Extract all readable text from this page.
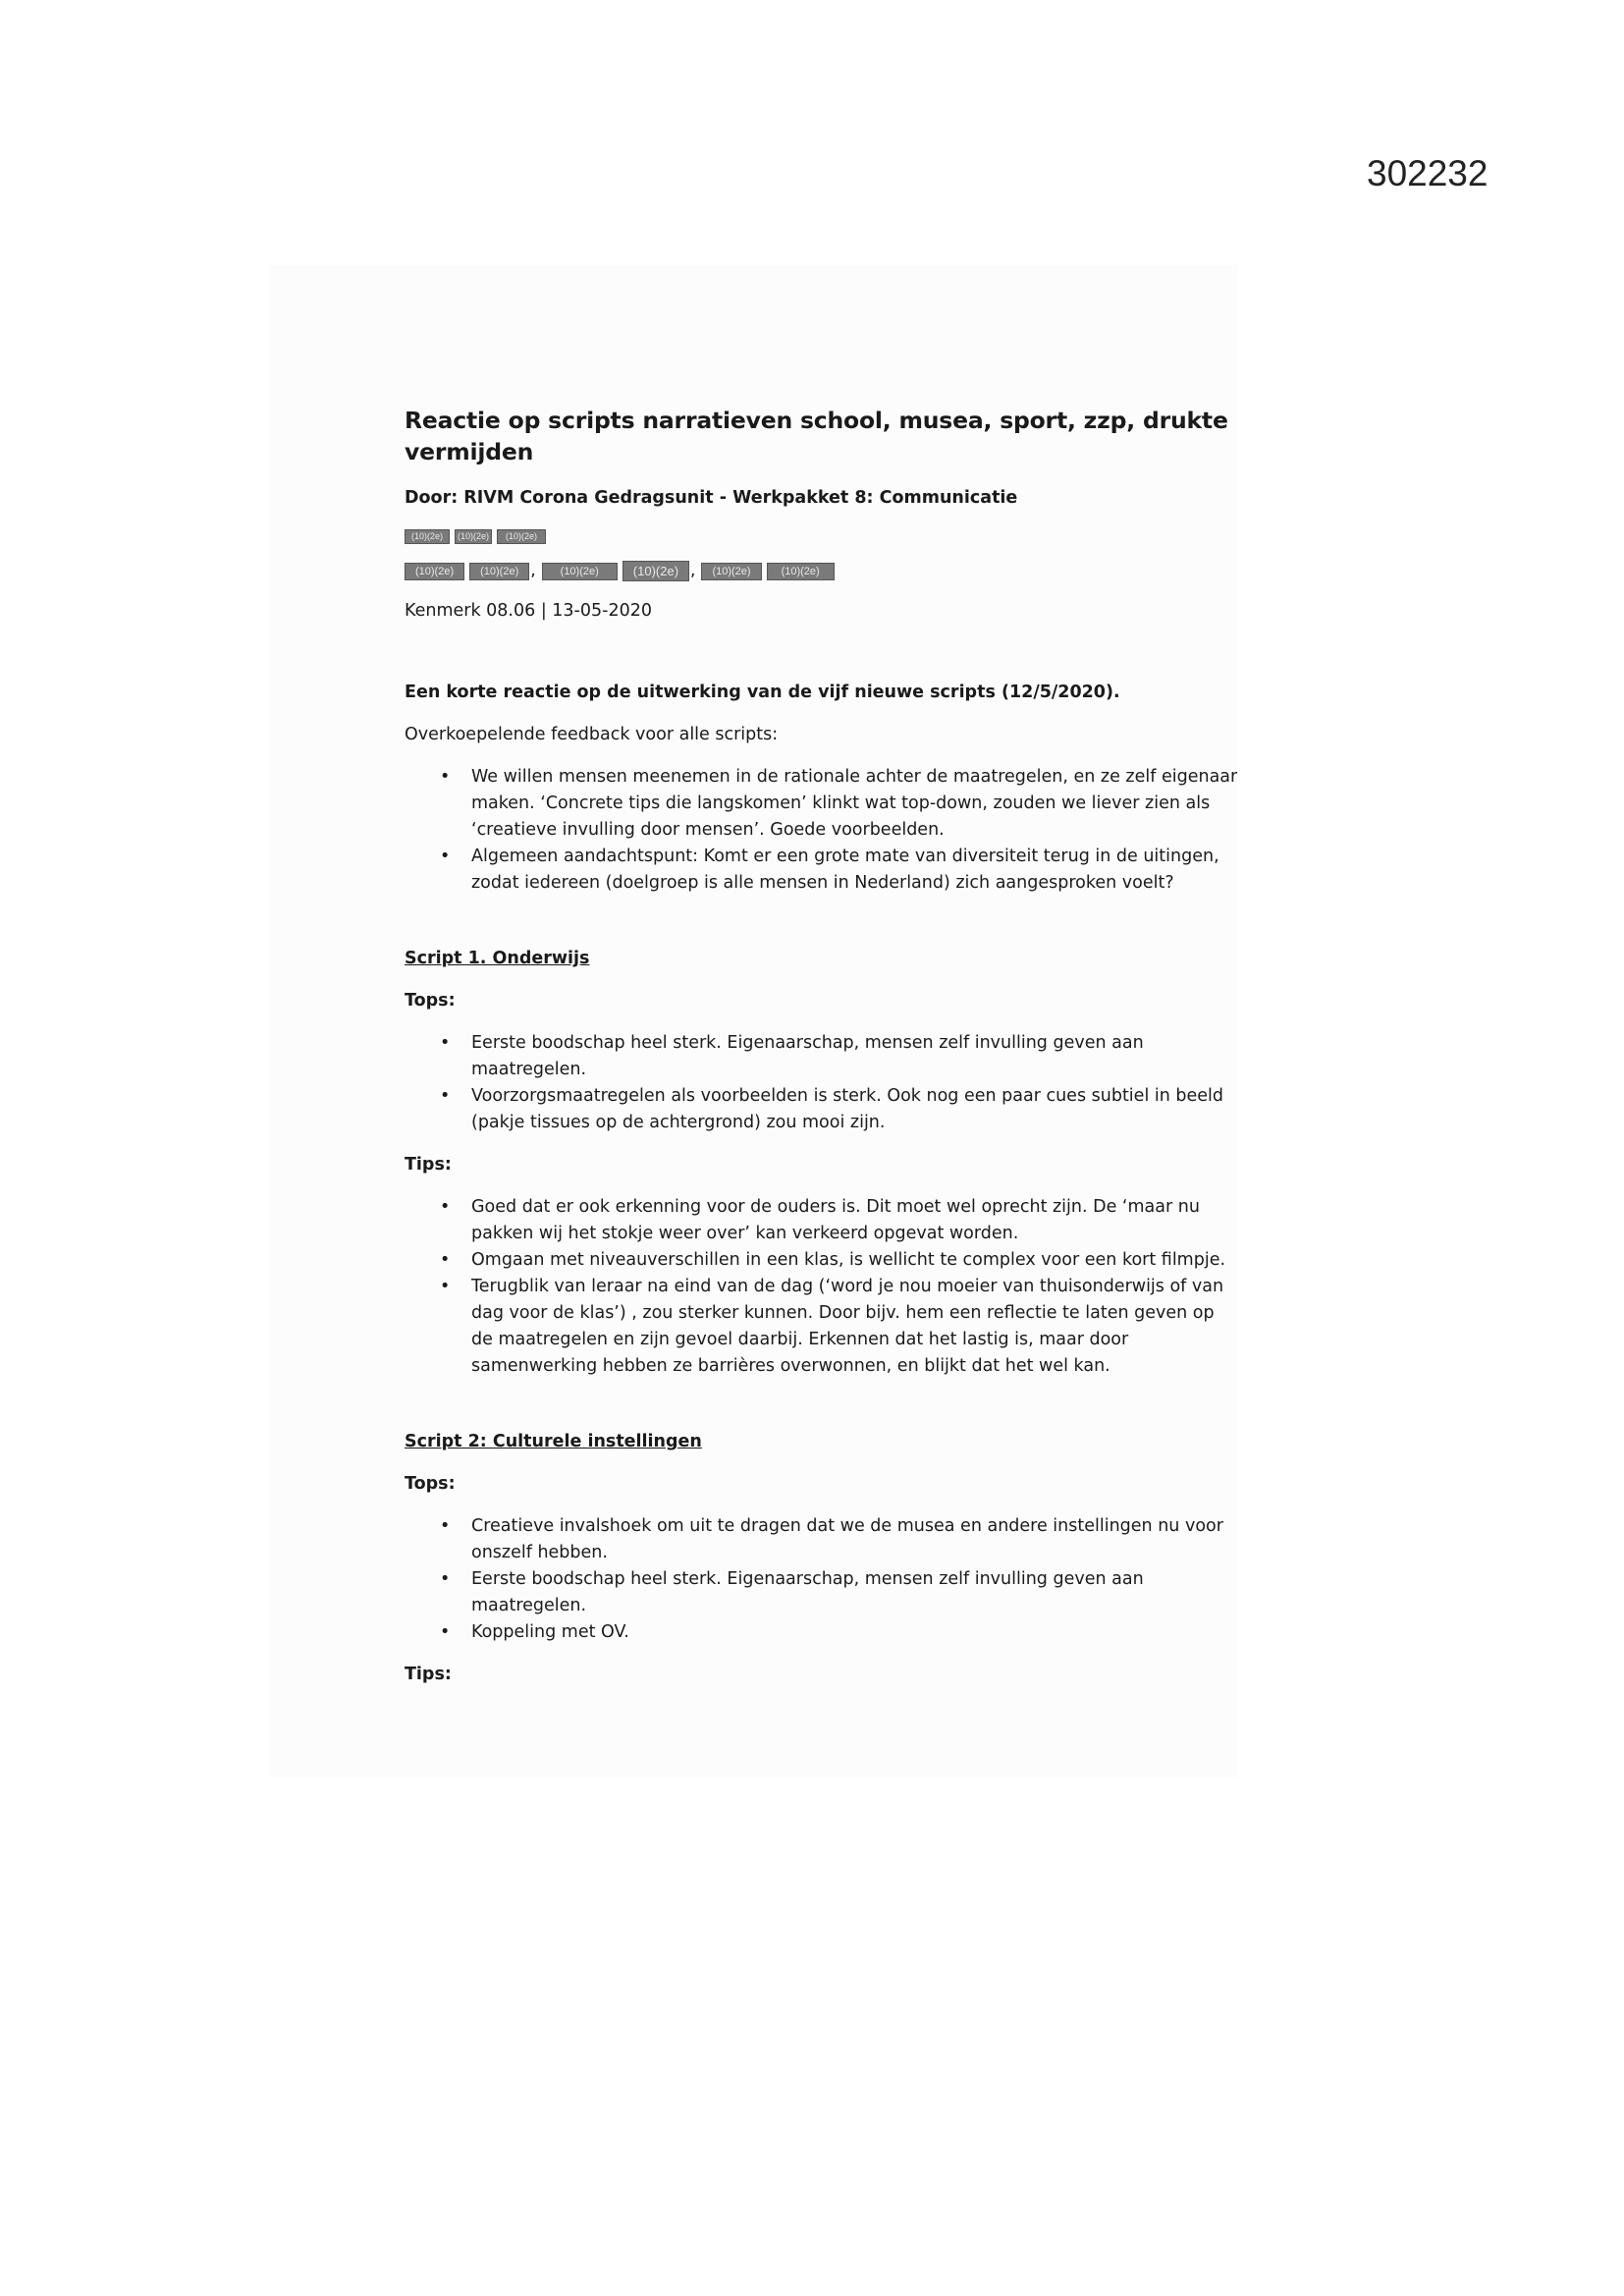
302232
Reactie op scripts narratieven school, musea, sport, zzp, drukte vermijden

Door: RIVM Corona Gedragsunit - Werkpakket 8: Communicatie

(10)(2e)	(10)(2e)	(10)(2e)
(10)(2e)	(10)(2e) ,	(10)(2e)	(10)(2e) ,	(10)(2e)	(10)(2e)

Kenmerk 08.06 | 13-05-2020

Een korte reactie op de uitwerking van de vijf nieuwe scripts (12/5/2020).

Overkoepelende feedback voor alle scripts:

• We willen mensen meenemen in de rationale achter de maatregelen, en ze zelf eigenaar maken. ‘Concrete tips die langskomen’ klinkt wat top-down, zouden we liever zien als ‘creatieve invulling door mensen’. Goede voorbeelden.
• Algemeen aandachtspunt: Komt er een grote mate van diversiteit terug in de uitingen, zodat iedereen (doelgroep is alle mensen in Nederland) zich aangesproken voelt?

Script 1. Onderwijs

Tops:

• Eerste boodschap heel sterk. Eigenaarschap, mensen zelf invulling geven aan maatregelen.
• Voorzorgsmaatregelen als voorbeelden is sterk. Ook nog een paar cues subtiel in beeld (pakje tissues op de achtergrond) zou mooi zijn.

Tips:

• Goed dat er ook erkenning voor de ouders is. Dit moet wel oprecht zijn. De ‘maar nu pakken wij het stokje weer over’ kan verkeerd opgevat worden.
• Omgaan met niveauverschillen in een klas, is wellicht te complex voor een kort filmpje.
• Terugblik van leraar na eind van de dag (‘word je nou moeier van thuisonderwijs of van dag voor de klas’) , zou sterker kunnen. Door bijv. hem een reflectie te laten geven op de maatregelen en zijn gevoel daarbij. Erkennen dat het lastig is, maar door samenwerking hebben ze barrières overwonnen, en blijkt dat het wel kan.

Script 2: Culturele instellingen

Tops:

• Creatieve invalshoek om uit te dragen dat we de musea en andere instellingen nu voor onszelf hebben.
• Eerste boodschap heel sterk. Eigenaarschap, mensen zelf invulling geven aan maatregelen.
• Koppeling met OV.

Tips:
